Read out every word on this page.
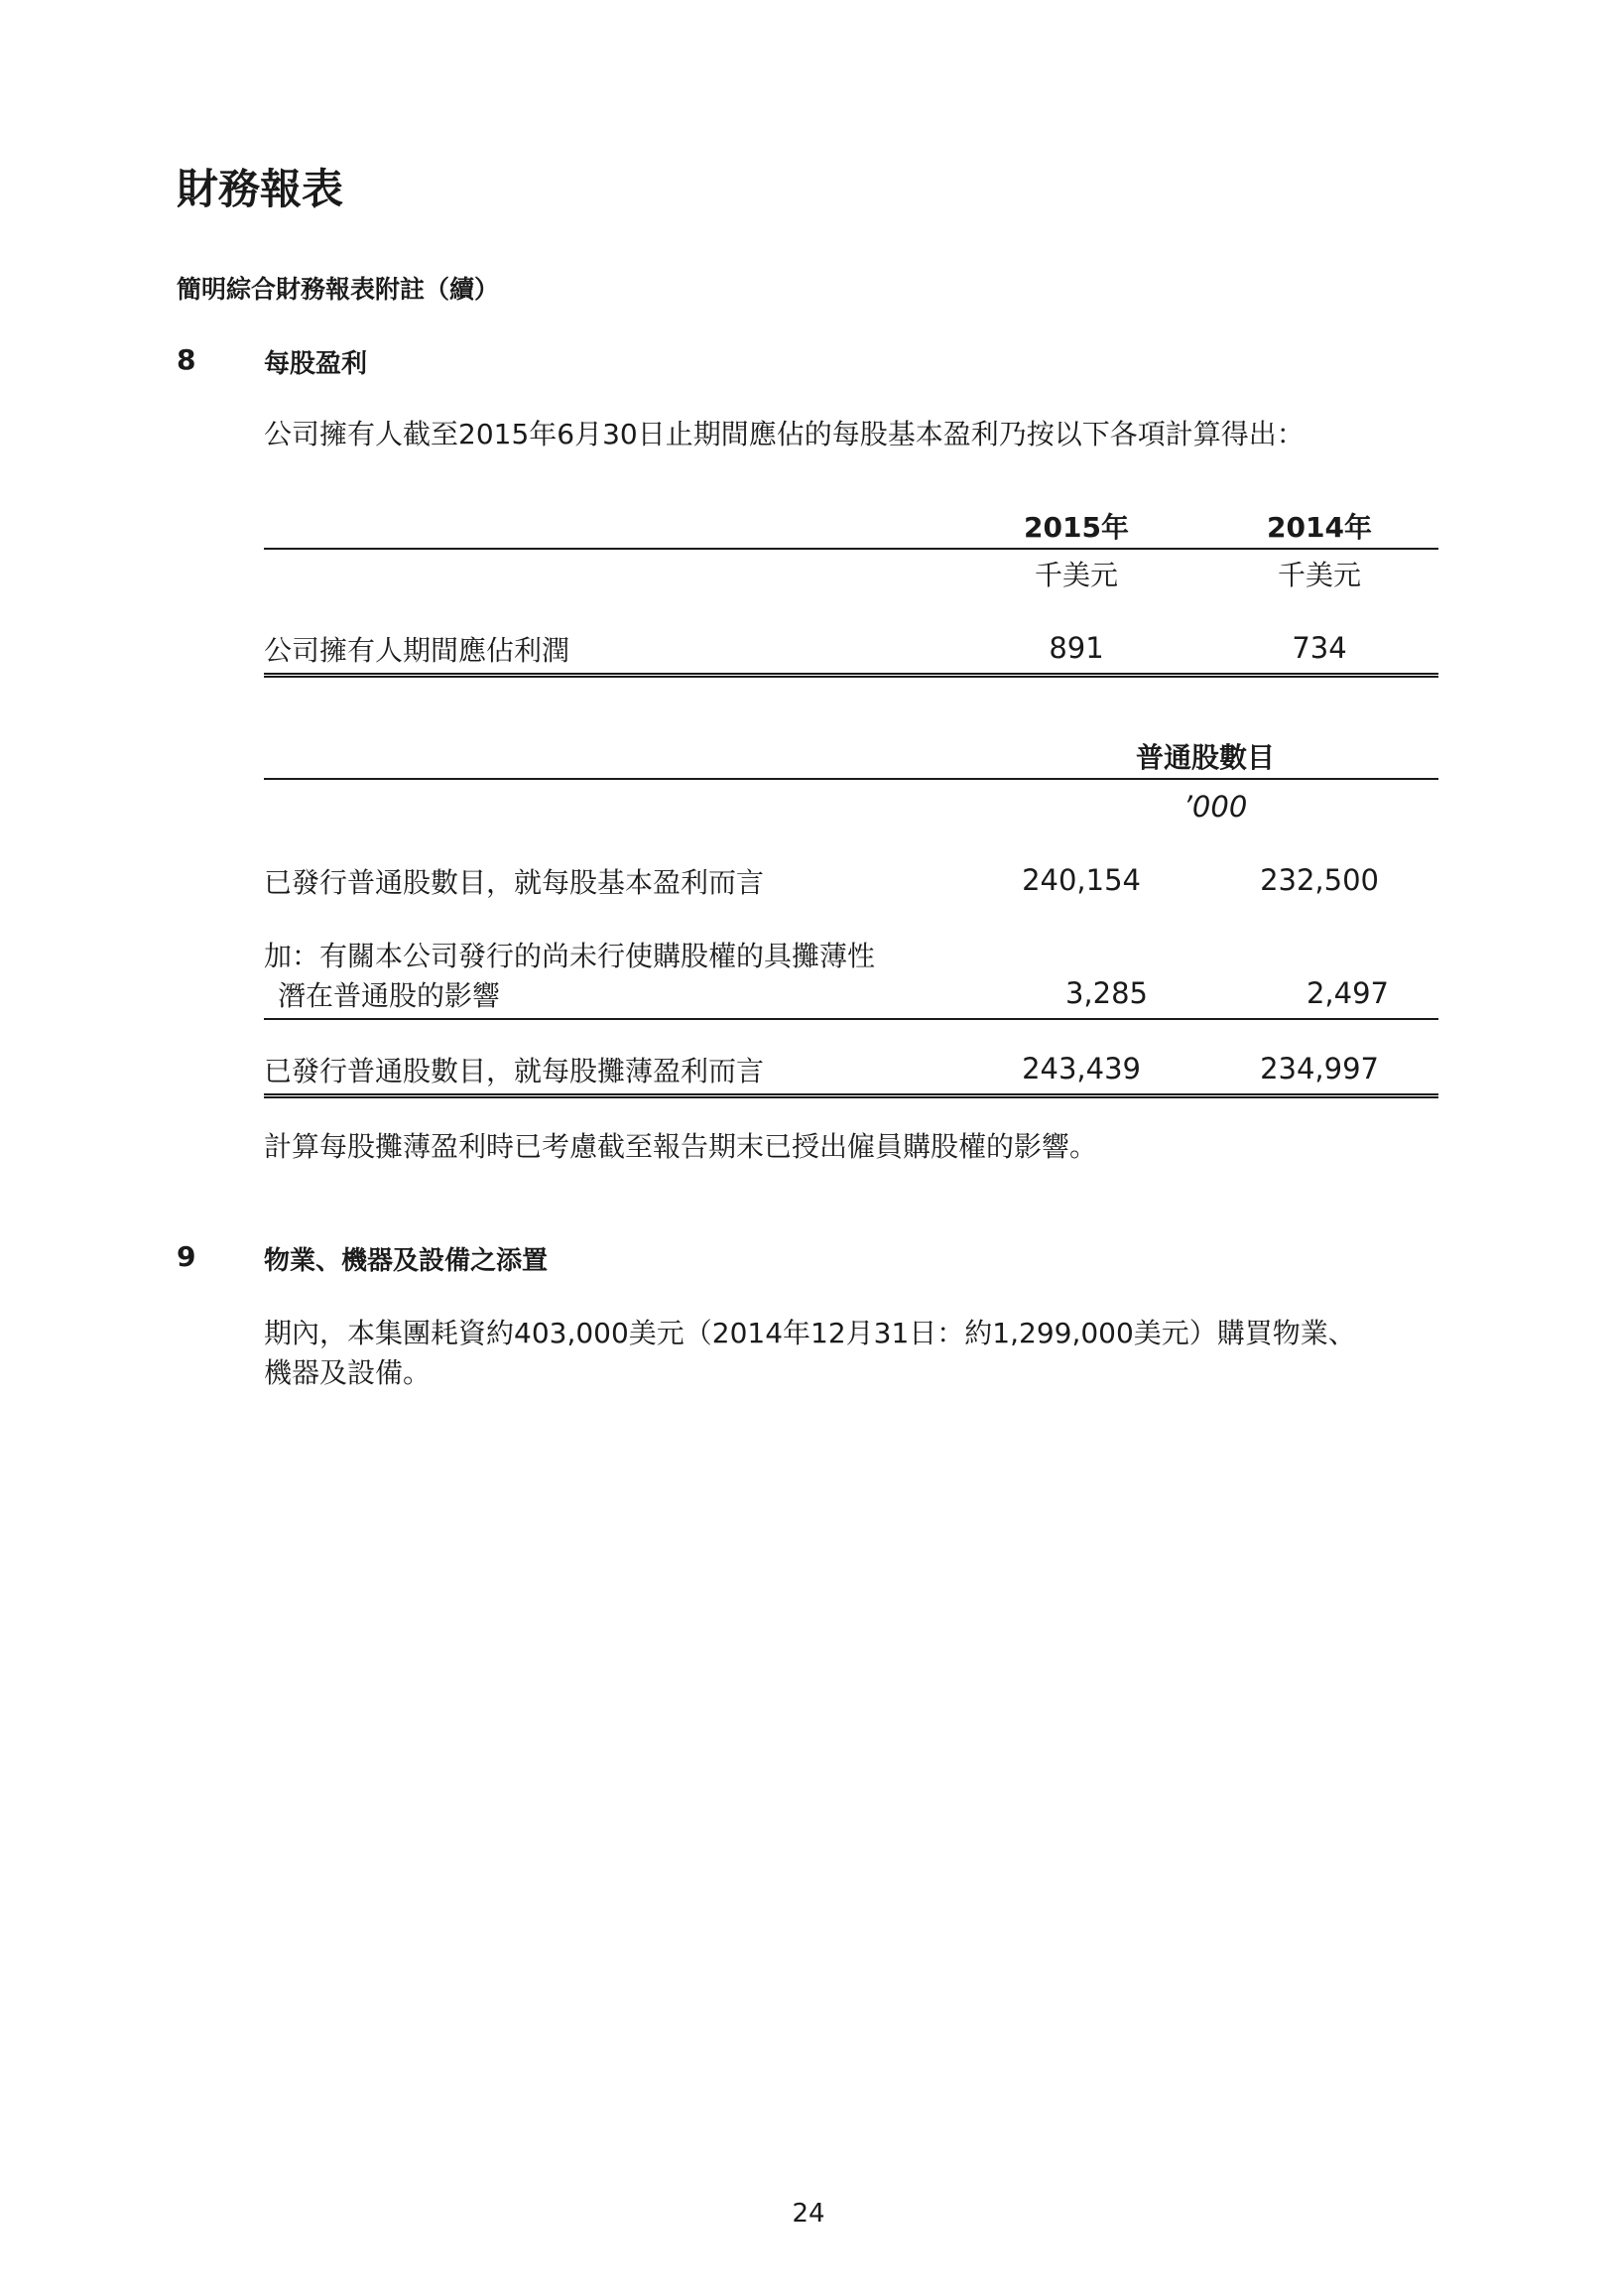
財務報表
簡明綜合財務報表附註（續）
8	每股盈利
公司擁有人截至2015年6月30日止期間應佔的每股基本盈利乃按以下各項計算得出：
2015年	2014年
千美元	千美元
公司擁有人期間應佔利潤	891	734
普通股數目
’000
已發行普通股數目，就每股基本盈利而言	240,154	232,500
加：有關本公司發行的尚未行使購股權的具攤薄性
潛在普通股的影響	3,285	2,497
已發行普通股數目，就每股攤薄盈利而言	243,439	234,997
計算每股攤薄盈利時已考慮截至報告期末已授出僱員購股權的影響。
9	物業、機器及設備之添置
期內，本集團耗資約403,000美元（2014年12月31日：約1,299,000美元）購買物業、
機器及設備。
24
